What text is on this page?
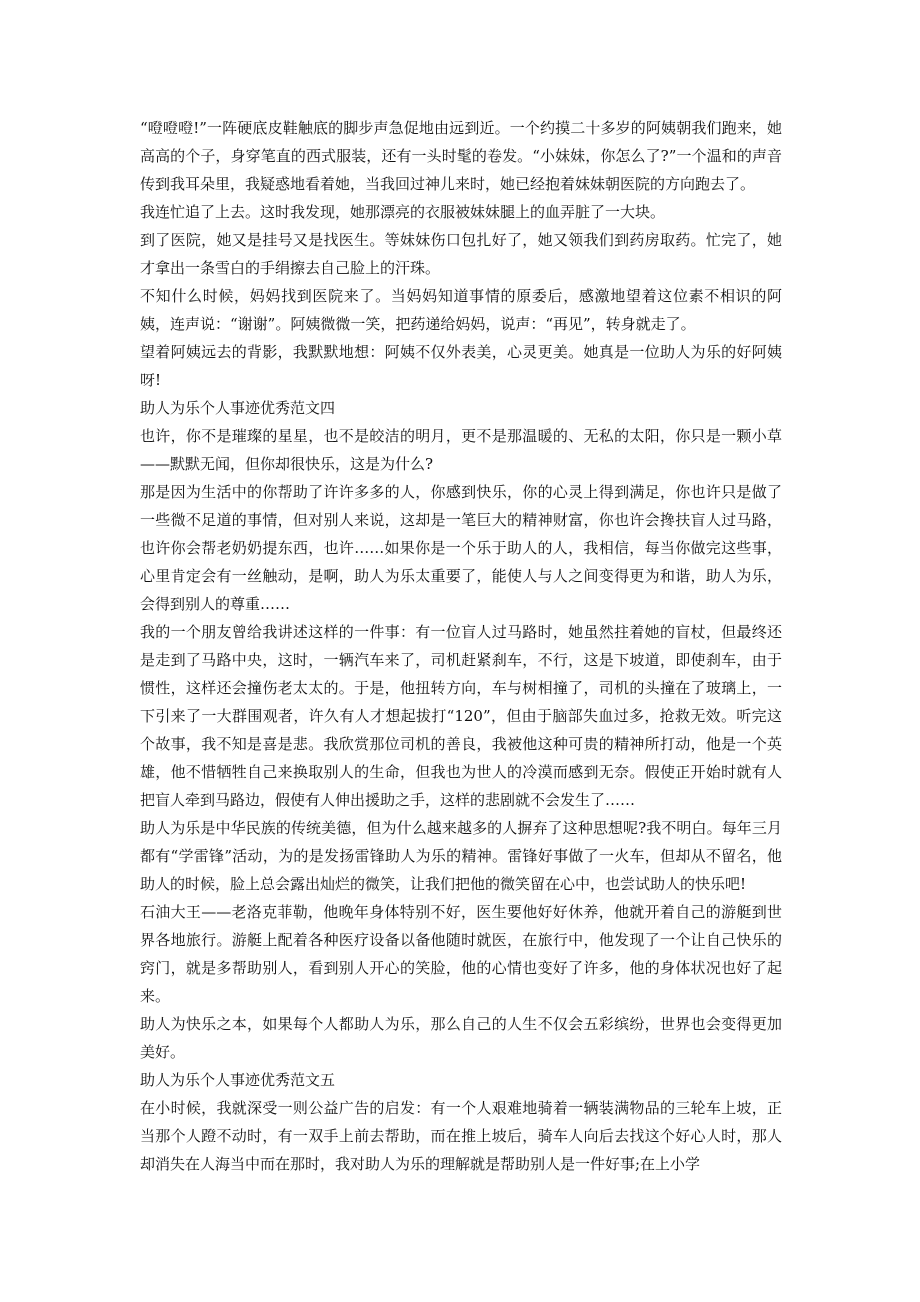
“噔噔噔!”一阵硬底皮鞋触底的脚步声急促地由远到近。一个约摸二十多岁的阿姨朝我们跑来，她高高的个子，身穿笔直的西式服装，还有一头时髦的卷发。“小妹妹，你怎么了?”一个温和的声音传到我耳朵里，我疑惑地看着她，当我回过神儿来时，她已经抱着妹妹朝医院的方向跑去了。

我连忙追了上去。这时我发现，她那漂亮的衣服被妹妹腿上的血弄脏了一大块。

到了医院，她又是挂号又是找医生。等妹妹伤口包扎好了，她又领我们到药房取药。忙完了，她才拿出一条雪白的手绢擦去自己脸上的汗珠。

不知什么时候，妈妈找到医院来了。当妈妈知道事情的原委后，感激地望着这位素不相识的阿姨，连声说：“谢谢”。阿姨微微一笑，把药递给妈妈，说声：“再见”，转身就走了。

望着阿姨远去的背影，我默默地想：阿姨不仅外表美，心灵更美。她真是一位助人为乐的好阿姨呀!

助人为乐个人事迹优秀范文四

也许，你不是璀璨的星星，也不是皎洁的明月，更不是那温暖的、无私的太阳，你只是一颗小草——默默无闻，但你却很快乐，这是为什么?

那是因为生活中的你帮助了许许多多的人，你感到快乐，你的心灵上得到满足，你也许只是做了一些微不足道的事情，但对别人来说，这却是一笔巨大的精神财富，你也许会搀扶盲人过马路，也许你会帮老奶奶提东西，也许……如果你是一个乐于助人的人，我相信，每当你做完这些事，心里肯定会有一丝触动，是啊，助人为乐太重要了，能使人与人之间变得更为和谐，助人为乐，会得到别人的尊重……

我的一个朋友曾给我讲述这样的一件事：有一位盲人过马路时，她虽然拄着她的盲杖，但最终还是走到了马路中央，这时，一辆汽车来了，司机赶紧刹车，不行，这是下坡道，即使刹车，由于惯性，这样还会撞伤老太太的。于是，他扭转方向，车与树相撞了，司机的头撞在了玻璃上，一下引来了一大群围观者，许久有人才想起拔打“120”，但由于脑部失血过多，抢救无效。听完这个故事，我不知是喜是悲。我欣赏那位司机的善良，我被他这种可贵的精神所打动，他是一个英雄，他不惜牺牲自己来换取别人的生命，但我也为世人的冷漠而感到无奈。假使正开始时就有人把盲人牵到马路边，假使有人伸出援助之手，这样的悲剧就不会发生了……

助人为乐是中华民族的传统美德，但为什么越来越多的人摒弃了这种思想呢?我不明白。每年三月都有“学雷锋”活动，为的是发扬雷锋助人为乐的精神。雷锋好事做了一火车，但却从不留名，他助人的时候，脸上总会露出灿烂的微笑，让我们把他的微笑留在心中，也尝试助人的快乐吧!

石油大王——老洛克菲勒，他晚年身体特别不好，医生要他好好休养，他就开着自己的游艇到世界各地旅行。游艇上配着各种医疗设备以备他随时就医，在旅行中，他发现了一个让自己快乐的窍门，就是多帮助别人，看到别人开心的笑脸，他的心情也变好了许多，他的身体状况也好了起来。

助人为快乐之本，如果每个人都助人为乐，那么自己的人生不仅会五彩缤纷，世界也会变得更加美好。

助人为乐个人事迹优秀范文五

在小时候，我就深受一则公益广告的启发：有一个人艰难地骑着一辆装满物品的三轮车上坡，正当那个人蹬不动时，有一双手上前去帮助，而在推上坡后，骑车人向后去找这个好心人时，那人却消失在人海当中而在那时，我对助人为乐的理解就是帮助别人是一件好事;在上小学
